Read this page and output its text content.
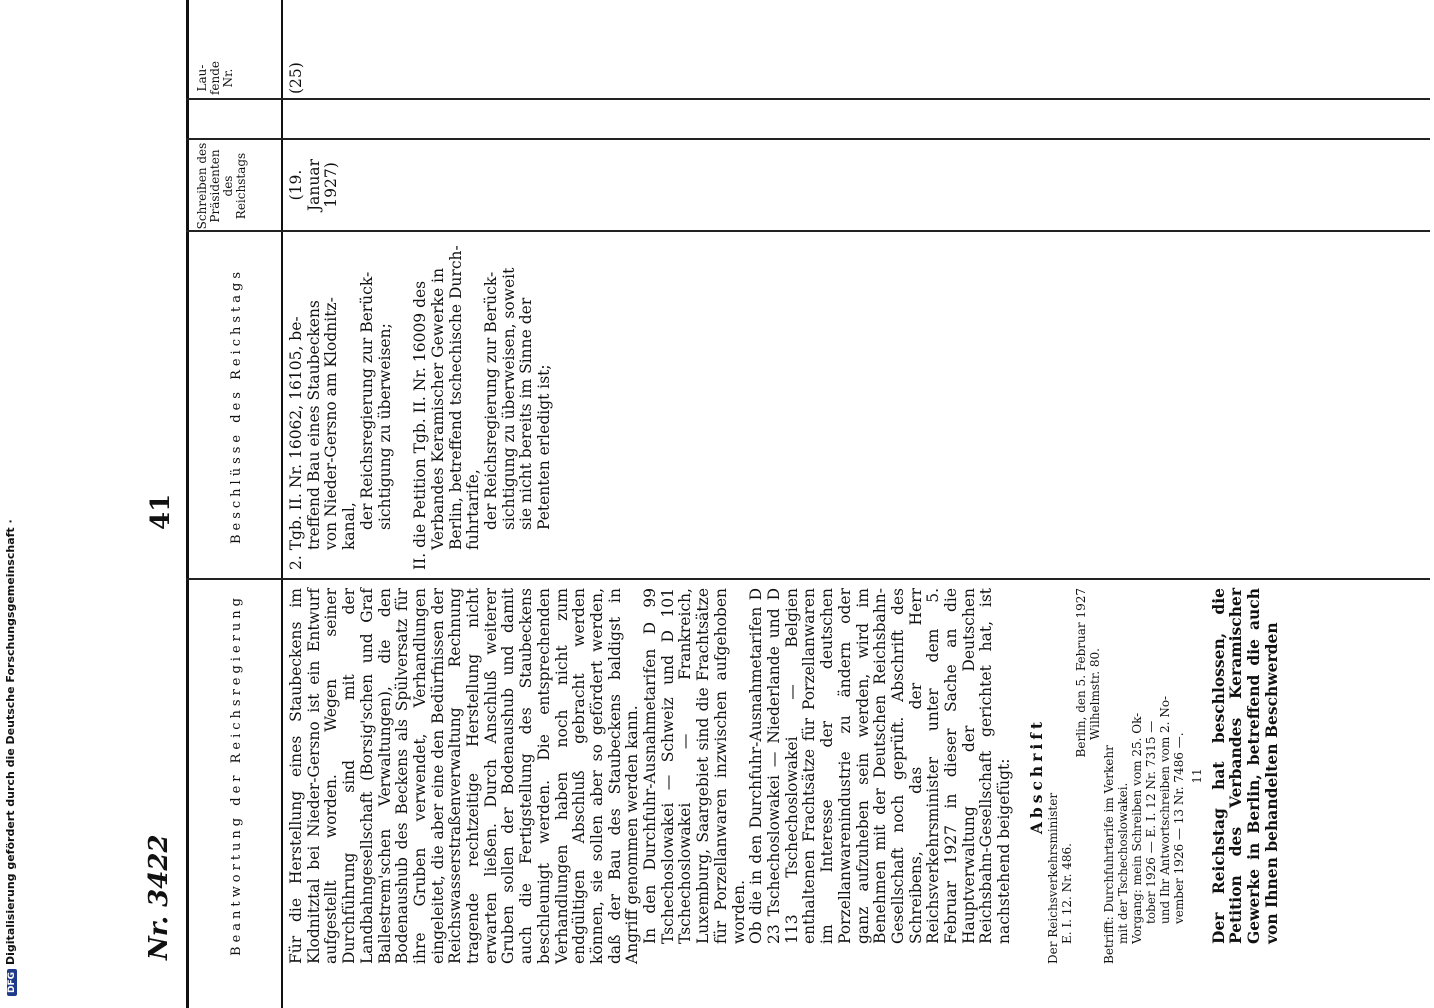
DFGDigitalisierung gefördert durch die Deutsche Forschungsgemeinschaft ·	Nr. 3422
41
Beantwortung der Reichsregierung
Beschlüsse des Reichstags
Schreiben des Präsidenten des Reichstags
Lau-fende Nr.	(25)
(19. Januar 1927)

2. Tgb. II. Nr. 16062, 16105, be- treffend Bau eines Staubeckens von Nieder-Gersno am Klodnitz- kanal, der Reichsregierung zur Berück- sichtigung zu überweisen; II. die Petition Tgb. II. Nr. 16009 des Verbandes Keramischer Gewerke in Berlin, betreffend tschechische Durch- fuhrtarife, der Reichsregierung zur Berück- sichtigung zu überweisen, soweit sie nicht bereits im Sinne der Petenten erledigt ist;

Für die Herstellung eines Staubeckens im Klodnitztal bei Nieder-Gersno ist ein Entwurf aufgestellt worden. Wegen seiner Durchführung sind mit der Landbahngesellschaft (Borsig'schen und Graf Ballestrem'schen Verwaltungen), die den Bodenaushub des Beckens als Spülversatz für ihre Gruben verwendet, Verhandlungen eingeleitet, die aber eine den Bedürfnissen der Reichswasserstraßenverwaltung Rechnung tragende rechtzeitige Herstellung nicht erwarten ließen. Durch Anschluß weiterer Gruben sollen der Bodenaushub und damit auch die Fertigstellung des Staubeckens beschleunigt werden. Die entsprechenden Verhandlungen haben noch nicht zum endgültigen Abschluß gebracht werden können, sie sollen aber so gefördert werden, daß der Bau des Staubeckens baldigst in Angriff genommen werden kann. In den Durchfuhr-Ausnahmetarifen D 99 Tschechoslowakei — Schweiz und D 101 Tschechoslowakei — Frankreich, Luxemburg, Saargebiet sind die Frachtsätze für Porzellanwaren inzwischen aufgehoben worden. Ob die in den Durchfuhr-Ausnahmetarifen D 23 Tschechoslowakei — Niederlande und D 113 Tschechoslowakei — Belgien enthaltenen Frachtsätze für Porzellanwaren im Interesse der deutschen Porzellanwarenindustrie zu ändern oder ganz aufzuheben sein werden, wird im Benehmen mit der Deutschen Reichsbahn-Gesellschaft noch geprüft. Abschrift des Schreibens, das der Herr Reichsverkehrsminister unter dem 5. Februar 1927 in dieser Sache an die Hauptverwaltung der Deutschen Reichsbahn-Gesellschaft gerichtet hat, ist nachstehend beigefügt: Abschrift

Der Reichsverkehrsminister E. I. 12. Nr. 486.

Berlin, den 5. Februar 1927 Wilhelmstr. 80.

Betrifft: Durchfuhrtarife im Verkehr mit der Tschechoslowakei. Vorgang: mein Schreiben vom 25. Ok- tober 1926 — E. I. 12 Nr. 7315 — und Ihr Antwortschreiben vom 2. No- vember 1926 — 13 Nr. 7486 —. 11 Der Reichstag hat beschlossen, die Petition des Verbandes Keramischer Gewerke in Berlin, betreffend die auch von Ihnen behandelten Beschwerden
